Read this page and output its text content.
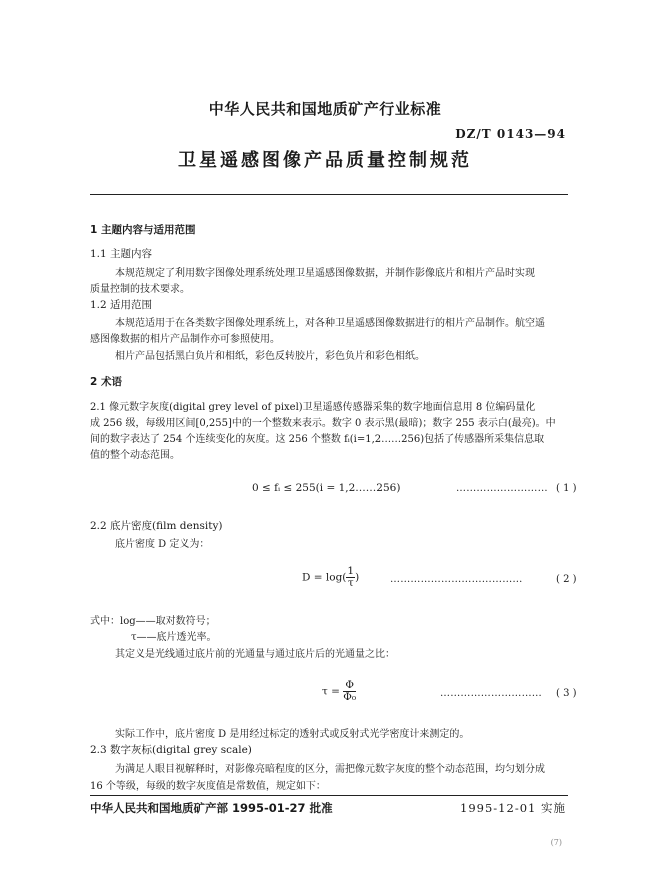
中华人民共和国地质矿产行业标准
DZ/T 0143—94
卫星遥感图像产品质量控制规范
1 主题内容与适用范围
1.1 主题内容
本规范规定了利用数字图像处理系统处理卫星遥感图像数据，并制作影像底片和相片产品时实现
质量控制的技术要求。
1.2 适用范围
本规范适用于在各类数字图像处理系统上，对各种卫星遥感图像数据进行的相片产品制作。航空遥
感图像数据的相片产品制作亦可参照使用。
相片产品包括黑白负片和相纸，彩色反转胶片，彩色负片和彩色相纸。
2 术语
2.1 像元数字灰度(digital grey level of pixel)卫星遥感传感器采集的数字地面信息用 8 位编码量化
成 256 级，每级用区间[0,255]中的一个整数来表示。数字 0 表示黑(最暗)；数字 255 表示白(最亮)。中
间的数字表达了 254 个连续变化的灰度。这 256 个整数 fᵢ(i=1,2……256)包括了传感器所采集信息取
值的整个动态范围。
0 ≤ fᵢ ≤ 255(i = 1,2……256)	……………………… ( 1 )
2.2 底片密度(film density)
底片密度 D 定义为：
$D = \log( \frac{1}{\tau}$ )	…………………………………	( 2 )
式中：log——取对数符号；
τ——底片透光率。
其定义是光线通过底片前的光通量与通过底片后的光通量之比：
$\tau = \frac{\Phi}{\text{Φ₀}}$	………………………… ( 3 )
实际工作中，底片密度 D 是用经过标定的透射式或反射式光学密度计来测定的。
2.3 数字灰标(digital grey scale)
为满足人眼目视解释时，对影像亮暗程度的区分，需把像元数字灰度的整个动态范围，均匀划分成
16 个等级，每级的数字灰度值是常数值，规定如下：
中华人民共和国地质矿产部 1995-01-27 批准	1995-12-01 实施
(7)
